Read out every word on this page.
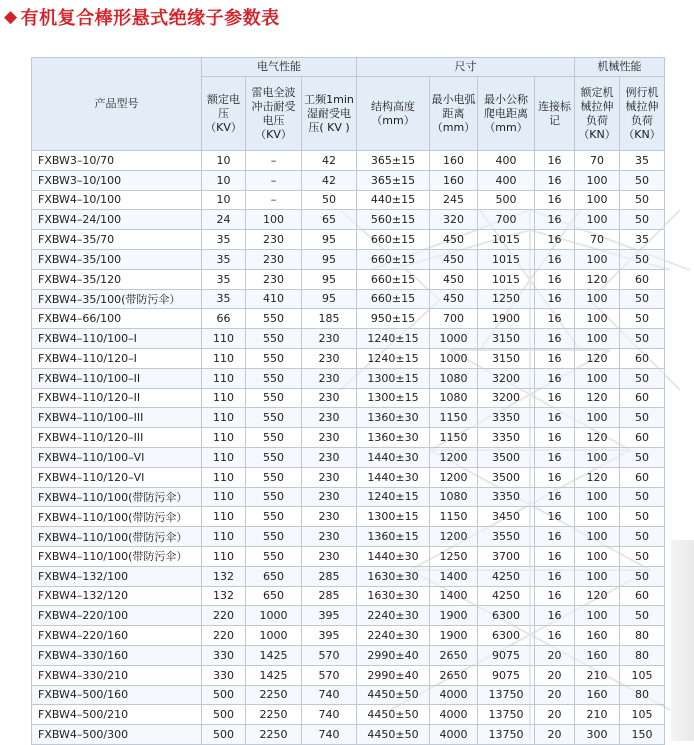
◆ 有机复合棒形悬式绝缘子参数表
产品型号	电气性能			尺寸				机械性能	
	额定电压（KV）	雷电全波冲击耐受电压（KV）	工频1min湿耐受电压( KV )	结构高度（mm）	最小电弧距离（mm）	最小公称爬电距离（mm）	连接标记	额定机械拉伸负荷（KN）	例行机械拉伸负荷（KN）
FXBW3–10/70	10	–	42	365±15	160	400	16	70	35
FXBW3–10/100	10	–	42	365±15	160	400	16	100	50
FXBW4–10/100	10	–	50	440±15	245	500	16	100	50
FXBW4–24/100	24	100	65	560±15	320	700	16	100	50
FXBW4–35/70	35	230	95	660±15	450	1015	16	70	35
FXBW4–35/100	35	230	95	660±15	450	1015	16	100	50
FXBW4–35/120	35	230	95	660±15	450	1015	16	120	60
FXBW4–35/100(带防污伞）	35	410	95	660±15	450	1250	16	100	50
FXBW4–66/100	66	550	185	950±15	700	1900	16	100	50
FXBW4–110/100–I	110	550	230	1240±15	1000	3150	16	100	50
FXBW4–110/120–I	110	550	230	1240±15	1000	3150	16	120	60
FXBW4–110/100–II	110	550	230	1300±15	1080	3200	16	100	50
FXBW4–110/120–II	110	550	230	1300±15	1080	3200	16	120	60
FXBW4–110/100–III	110	550	230	1360±30	1150	3350	16	100	50
FXBW4–110/120–III	110	550	230	1360±30	1150	3350	16	120	60
FXBW4–110/100–VI	110	550	230	1440±30	1200	3500	16	100	50
FXBW4–110/120–VI	110	550	230	1440±30	1200	3500	16	120	60
FXBW4–110/100(带防污伞）	110	550	230	1240±15	1080	3350	16	100	50
FXBW4–110/100(带防污伞）	110	550	230	1300±15	1150	3450	16	100	50
FXBW4–110/100(带防污伞）	110	550	230	1360±15	1200	3550	16	100	50
FXBW4–110/100(带防污伞）	110	550	230	1440±30	1250	3700	16	100	50
FXBW4–132/100	132	650	285	1630±30	1400	4250	16	100	50
FXBW4–132/120	132	650	285	1630±30	1400	4250	16	120	60
FXBW4–220/100	220	1000	395	2240±30	1900	6300	16	100	50
FXBW4–220/160	220	1000	395	2240±30	1900	6300	16	160	80
FXBW4–330/160	330	1425	570	2990±40	2650	9075	20	160	80
FXBW4–330/210	330	1425	570	2990±40	2650	9075	20	210	105
FXBW4–500/160	500	2250	740	4450±50	4000	13750	20	160	80
FXBW4–500/210	500	2250	740	4450±50	4000	13750	20	210	105
FXBW4–500/300	500	2250	740	4450±50	4000	13750	20	300	150
